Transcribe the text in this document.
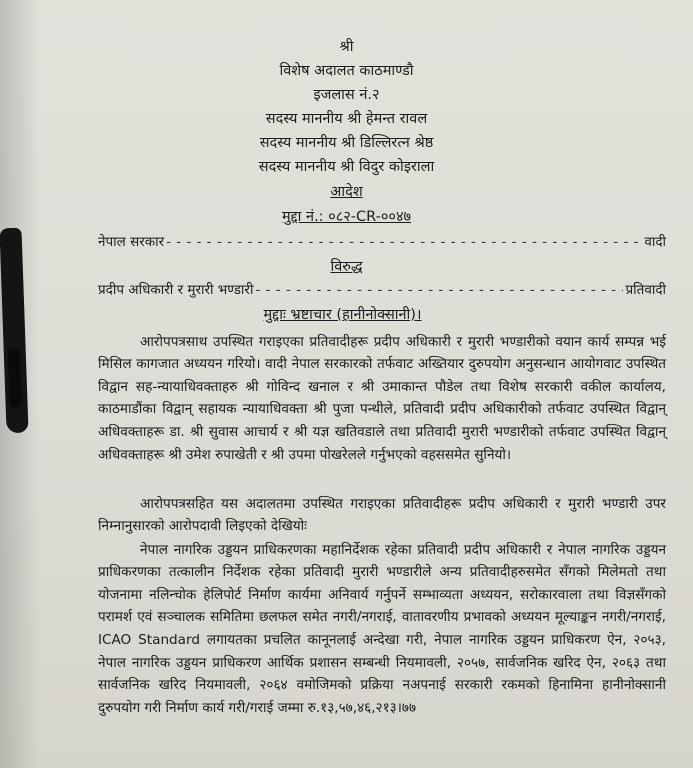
श्री
विशेष अदालत काठमाण्डौ
इजलास नं.२
सदस्य माननीय श्री हेमन्त रावल
सदस्य माननीय श्री डिल्लिरत्न श्रेष्ठ
सदस्य माननीय श्री विदुर कोइराला
आदेश
मुद्दा नं.: ०८२-CR-००४७
नेपाल सरकार - - -	वादी
विरुद्ध
प्रदीप अधिकारी र मुरारी भण्डारी - - -	प्रतिवादी
मुद्दाः भ्रष्टाचार (हानीनोक्सानी)।

आरोपपत्रसाथ उपस्थित गराइएका प्रतिवादीहरू प्रदीप अधिकारी र मुरारी भण्डारीको वयान कार्य सम्पन्न भई मिसिल कागजात अध्ययन गरियो। वादी नेपाल सरकारको तर्फवाट अख्तियार दुरुपयोग अनुसन्धान आयोगवाट उपस्थित विद्वान सह-न्यायाधिवक्ताहरु श्री गोविन्द खनाल र श्री उमाकान्त पौडेल तथा विशेष सरकारी वकील कार्यालय, काठमाडौंका विद्वान् सहायक न्यायाधिवक्ता श्री पुजा पन्थीले, प्रतिवादी प्रदीप अधिकारीको तर्फवाट उपस्थित विद्वान् अधिवक्ताहरू डा. श्री सुवास आचार्य र श्री यज्ञ खतिवडाले तथा प्रतिवादी मुरारी भण्डारीको तर्फवाट उपस्थित विद्वान् अधिवक्ताहरू श्री उमेश रुपाखेती र श्री उपमा पोखरेलले गर्नुभएको वहससमेत सुनियो।

आरोपपत्रसहित यस अदालतमा उपस्थित गराइएका प्रतिवादीहरू प्रदीप अधिकारी र मुरारी भण्डारी उपर निम्नानुसारको आरोपदावी लिइएको देखियोः

नेपाल नागरिक उड्डयन प्राधिकरणका महानिर्देशक रहेका प्रतिवादी प्रदीप अधिकारी र नेपाल नागरिक उड्डयन प्राधिकरणका तत्कालीन निर्देशक रहेका प्रतिवादी मुरारी भण्डारीले अन्य प्रतिवादीहरुसमेत सँगको मिलेमतो तथा योजनामा नलिन्चोक हेलिपोर्ट निर्माण कार्यमा अनिवार्य गर्नुपर्ने सम्भाव्यता अध्ययन, सरोकारवाला तथा विज्ञसँगको परामर्श एवं सञ्चालक समितिमा छलफल समेत नगरी/नगराई, वातावरणीय प्रभावको अध्ययन मूल्याङ्कन नगरी/नगराई, ICAO Standard लगायतका प्रचलित कानूनलाई अन्देखा गरी, नेपाल नागरिक उड्डयन प्राधिकरण ऐन, २०५३, नेपाल नागरिक उड्डयन प्राधिकरण आर्थिक प्रशासन सम्बन्धी नियमावली, २०५७, सार्वजनिक खरिद ऐन, २०६३ तथा सार्वजनिक खरिद नियमावली, २०६४ वमोजिमको प्रक्रिया नअपनाई सरकारी रकमको हिनामिना हानीनोक्सानी दुरुपयोग गरी निर्माण कार्य गरी/गराई जम्मा रु.१३,५७,४६,२१३।७७
